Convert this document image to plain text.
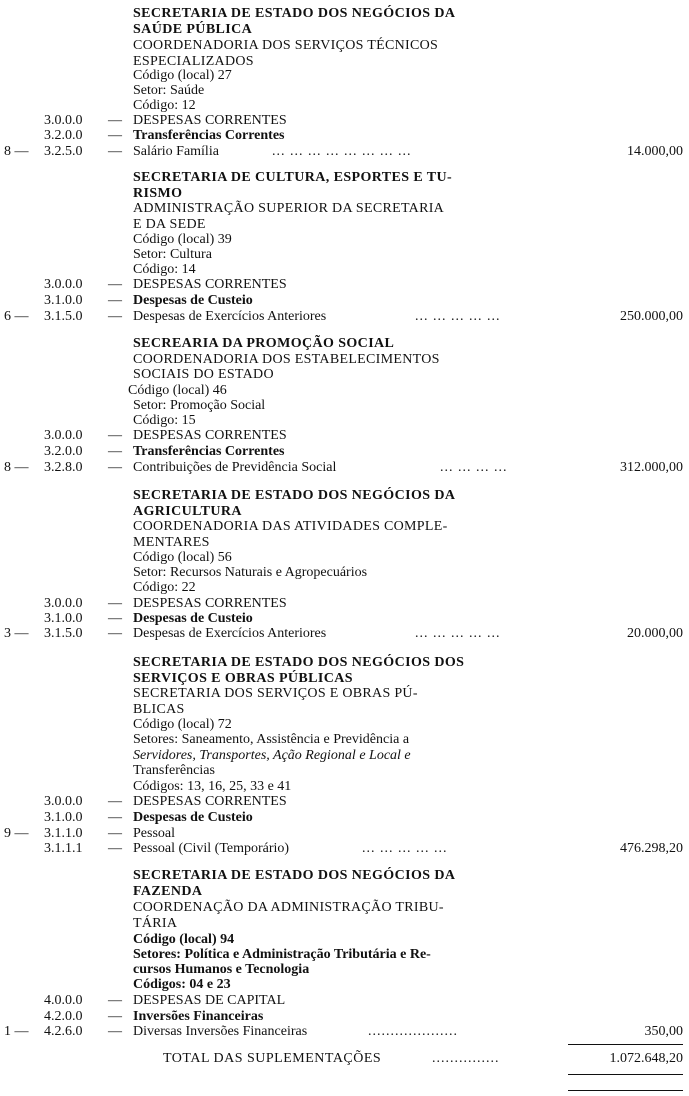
SECRETARIA DE ESTADO DOS NEGÓCIOS DA
SAÚDE PÚBLICA
COORDENADORIA DOS SERVIÇOS TÉCNICOS
ESPECIALIZADOS
Código (local) 27
Setor: Saúde
Código: 12
3.0.0.0 — DESPESAS CORRENTES
3.2.0.0 — Transferências Correntes
8 — 3.2.5.0 — Salário Família	... ... ... ... ... ... ... ...	14.000,00
SECRETARIA DE CULTURA, ESPORTES E TU-
RISMO
ADMINISTRAÇÃO SUPERIOR DA SECRETARIA
E DA SEDE
Código (local) 39
Setor: Cultura
Código: 14
3.0.0.0 — DESPESAS CORRENTES
3.1.0.0 — Despesas de Custeio
6 — 3.1.5.0 — Despesas de Exercícios Anteriores	... ... ... ... ...	250.000,00
SECREARIA DA PROMOÇÃO SOCIAL
COORDENADORIA DOS ESTABELECIMENTOS
SOCIAIS DO ESTADO
Código (local) 46
Setor: Promoção Social
Código: 15
3.0.0.0 — DESPESAS CORRENTES
3.2.0.0 — Transferências Correntes
8 — 3.2.8.0 — Contribuições de Previdência Social	... ... ... ...	312.000,00
SECRETARIA DE ESTADO DOS NEGÓCIOS DA
AGRICULTURA
COORDENADORIA DAS ATIVIDADES COMPLE-
MENTARES
Código (local) 56
Setor: Recursos Naturais e Agropecuários
Código: 22
3.0.0.0 — DESPESAS CORRENTES
3.1.0.0 — Despesas de Custeio
3 — 3.1.5.0 — Despesas de Exercícios Anteriores	... ... ... ... ...	20.000,00
SECRETARIA DE ESTADO DOS NEGÓCIOS DOS
SERVIÇOS E OBRAS PÚBLICAS
SECRETARIA DOS SERVIÇOS E OBRAS PÚ-
BLICAS
Código (local) 72
Setores: Saneamento, Assistência e Previdência a
Servidores, Transportes, Ação Regional e Local e
Transferências
Códigos: 13, 16, 25, 33 e 41
3.0.0.0 — DESPESAS CORRENTES
3.1.0.0 — Despesas de Custeio
9 — 3.1.1.0 — Pessoal
3.1.1.1 — Pessoal (Civil (Temporário)	... ... ... ... ...	476.298,20
SECRETARIA DE ESTADO DOS NEGÓCIOS DA
FAZENDA
COORDENAÇÃO DA ADMINISTRAÇÃO TRIBU-
TÁRIA
Código (local) 94
Setores: Política e Administração Tributária e Re-
cursos Humanos e Tecnologia
Códigos: 04 e 23
4.0.0.0 — DESPESAS DE CAPITAL
4.2.0.0 — Inversões Financeiras
1 — 4.2.6.0 — Diversas Inversões Financeiras	....................	350,00
TOTAL DAS SUPLEMENTAÇÕES	...............	1.072.648,20
